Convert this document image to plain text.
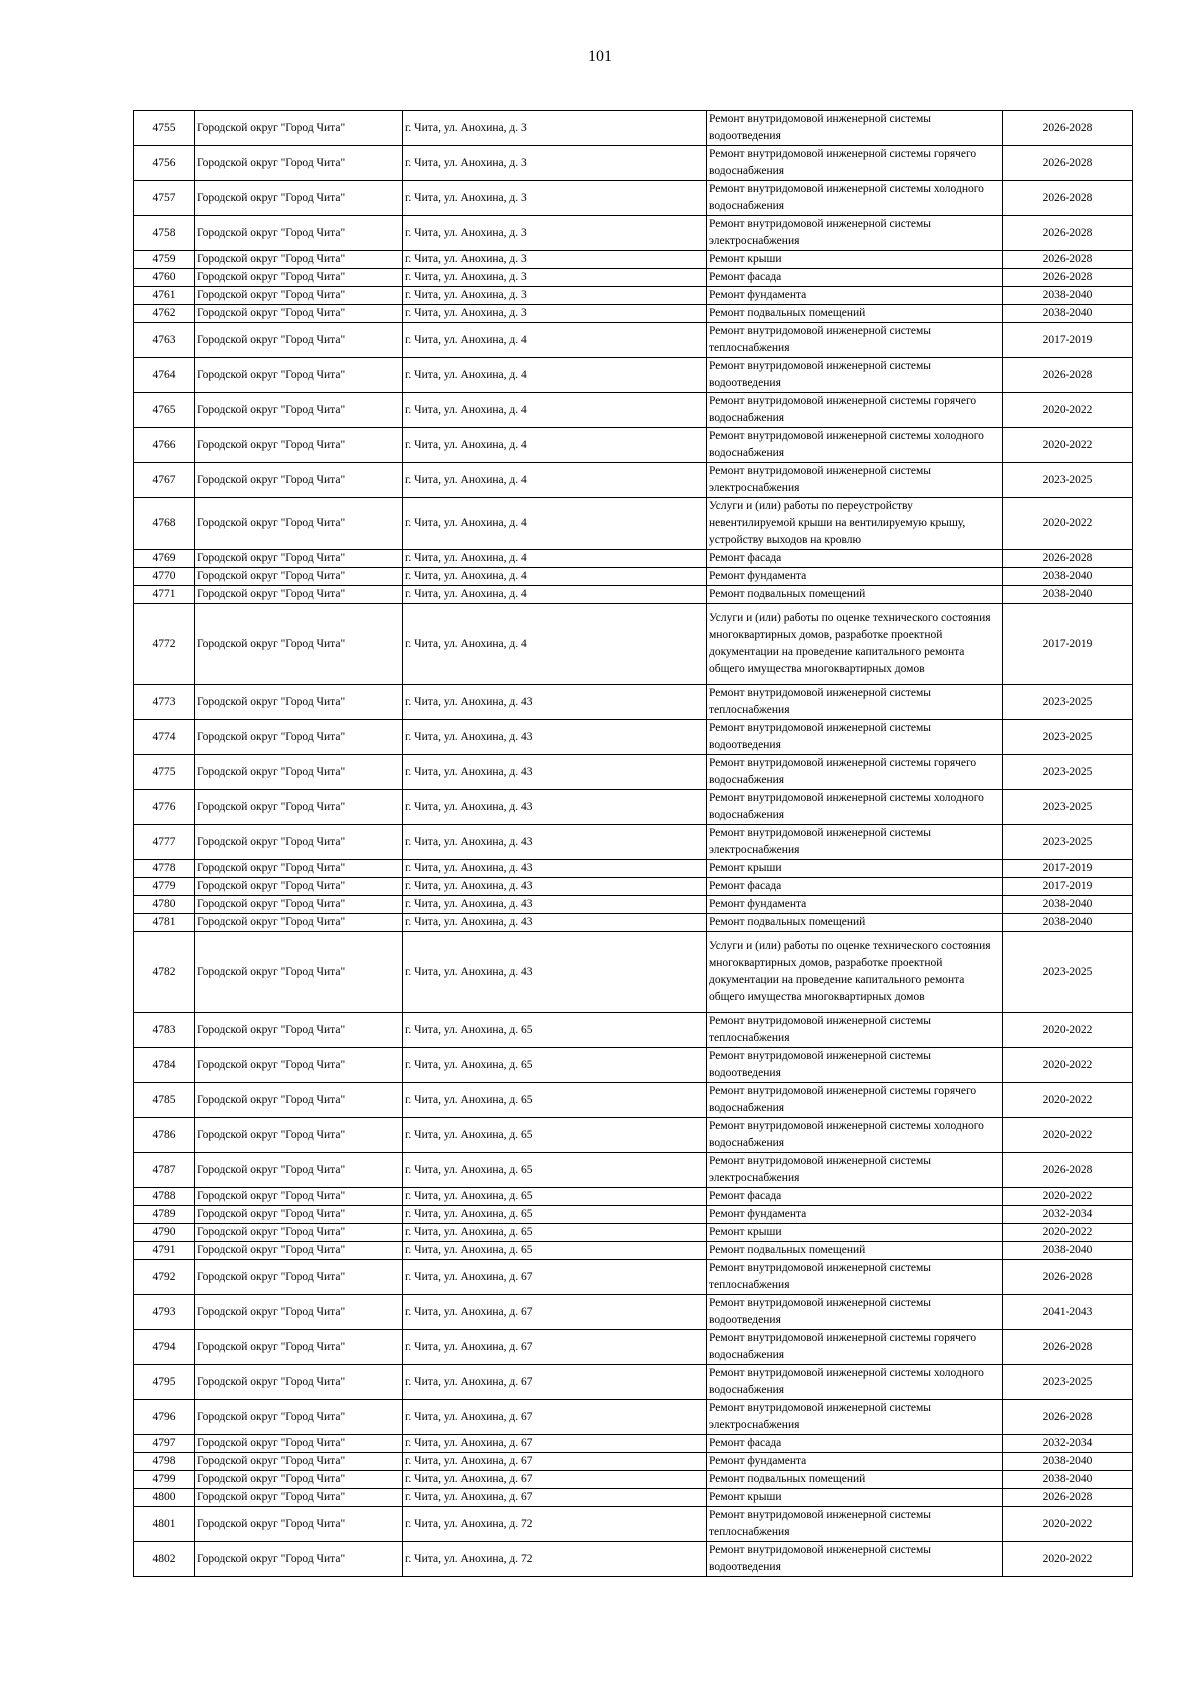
101
4755	Городской округ "Город Чита"	г. Чита, ул. Анохина, д. 3	Ремонт внутридомовой инженерной системы водоотведения	2026-2028
4756	Городской округ "Город Чита"	г. Чита, ул. Анохина, д. 3	Ремонт внутридомовой инженерной системы горячего водоснабжения	2026-2028
4757	Городской округ "Город Чита"	г. Чита, ул. Анохина, д. 3	Ремонт внутридомовой инженерной системы холодного водоснабжения	2026-2028
4758	Городской округ "Город Чита"	г. Чита, ул. Анохина, д. 3	Ремонт внутридомовой инженерной системы электроснабжения	2026-2028
4759	Городской округ "Город Чита"	г. Чита, ул. Анохина, д. 3	Ремонт крыши	2026-2028
4760	Городской округ "Город Чита"	г. Чита, ул. Анохина, д. 3	Ремонт фасада	2026-2028
4761	Городской округ "Город Чита"	г. Чита, ул. Анохина, д. 3	Ремонт фундамента	2038-2040
4762	Городской округ "Город Чита"	г. Чита, ул. Анохина, д. 3	Ремонт подвальных помещений	2038-2040
4763	Городской округ "Город Чита"	г. Чита, ул. Анохина, д. 4	Ремонт внутридомовой инженерной системы теплоснабжения	2017-2019
4764	Городской округ "Город Чита"	г. Чита, ул. Анохина, д. 4	Ремонт внутридомовой инженерной системы водоотведения	2026-2028
4765	Городской округ "Город Чита"	г. Чита, ул. Анохина, д. 4	Ремонт внутридомовой инженерной системы горячего водоснабжения	2020-2022
4766	Городской округ "Город Чита"	г. Чита, ул. Анохина, д. 4	Ремонт внутридомовой инженерной системы холодного водоснабжения	2020-2022
4767	Городской округ "Город Чита"	г. Чита, ул. Анохина, д. 4	Ремонт внутридомовой инженерной системы электроснабжения	2023-2025
4768	Городской округ "Город Чита"	г. Чита, ул. Анохина, д. 4	Услуги и (или) работы по переустройству невентилируемой крыши на вентилируемую крышу, устройству выходов на кровлю	2020-2022
4769	Городской округ "Город Чита"	г. Чита, ул. Анохина, д. 4	Ремонт фасада	2026-2028
4770	Городской округ "Город Чита"	г. Чита, ул. Анохина, д. 4	Ремонт фундамента	2038-2040
4771	Городской округ "Город Чита"	г. Чита, ул. Анохина, д. 4	Ремонт подвальных помещений	2038-2040
4772	Городской округ "Город Чита"	г. Чита, ул. Анохина, д. 4	Услуги и (или) работы по оценке технического состояния многоквартирных домов, разработке проектной документации на проведение капитального ремонта общего имущества многоквартирных домов	2017-2019
4773	Городской округ "Город Чита"	г. Чита, ул. Анохина, д. 43	Ремонт внутридомовой инженерной системы теплоснабжения	2023-2025
4774	Городской округ "Город Чита"	г. Чита, ул. Анохина, д. 43	Ремонт внутридомовой инженерной системы водоотведения	2023-2025
4775	Городской округ "Город Чита"	г. Чита, ул. Анохина, д. 43	Ремонт внутридомовой инженерной системы горячего водоснабжения	2023-2025
4776	Городской округ "Город Чита"	г. Чита, ул. Анохина, д. 43	Ремонт внутридомовой инженерной системы холодного водоснабжения	2023-2025
4777	Городской округ "Город Чита"	г. Чита, ул. Анохина, д. 43	Ремонт внутридомовой инженерной системы электроснабжения	2023-2025
4778	Городской округ "Город Чита"	г. Чита, ул. Анохина, д. 43	Ремонт крыши	2017-2019
4779	Городской округ "Город Чита"	г. Чита, ул. Анохина, д. 43	Ремонт фасада	2017-2019
4780	Городской округ "Город Чита"	г. Чита, ул. Анохина, д. 43	Ремонт фундамента	2038-2040
4781	Городской округ "Город Чита"	г. Чита, ул. Анохина, д. 43	Ремонт подвальных помещений	2038-2040
4782	Городской округ "Город Чита"	г. Чита, ул. Анохина, д. 43	Услуги и (или) работы по оценке технического состояния многоквартирных домов, разработке проектной документации на проведение капитального ремонта общего имущества многоквартирных домов	2023-2025
4783	Городской округ "Город Чита"	г. Чита, ул. Анохина, д. 65	Ремонт внутридомовой инженерной системы теплоснабжения	2020-2022
4784	Городской округ "Город Чита"	г. Чита, ул. Анохина, д. 65	Ремонт внутридомовой инженерной системы водоотведения	2020-2022
4785	Городской округ "Город Чита"	г. Чита, ул. Анохина, д. 65	Ремонт внутридомовой инженерной системы горячего водоснабжения	2020-2022
4786	Городской округ "Город Чита"	г. Чита, ул. Анохина, д. 65	Ремонт внутридомовой инженерной системы холодного водоснабжения	2020-2022
4787	Городской округ "Город Чита"	г. Чита, ул. Анохина, д. 65	Ремонт внутридомовой инженерной системы электроснабжения	2026-2028
4788	Городской округ "Город Чита"	г. Чита, ул. Анохина, д. 65	Ремонт фасада	2020-2022
4789	Городской округ "Город Чита"	г. Чита, ул. Анохина, д. 65	Ремонт фундамента	2032-2034
4790	Городской округ "Город Чита"	г. Чита, ул. Анохина, д. 65	Ремонт крыши	2020-2022
4791	Городской округ "Город Чита"	г. Чита, ул. Анохина, д. 65	Ремонт подвальных помещений	2038-2040
4792	Городской округ "Город Чита"	г. Чита, ул. Анохина, д. 67	Ремонт внутридомовой инженерной системы теплоснабжения	2026-2028
4793	Городской округ "Город Чита"	г. Чита, ул. Анохина, д. 67	Ремонт внутридомовой инженерной системы водоотведения	2041-2043
4794	Городской округ "Город Чита"	г. Чита, ул. Анохина, д. 67	Ремонт внутридомовой инженерной системы горячего водоснабжения	2026-2028
4795	Городской округ "Город Чита"	г. Чита, ул. Анохина, д. 67	Ремонт внутридомовой инженерной системы холодного водоснабжения	2023-2025
4796	Городской округ "Город Чита"	г. Чита, ул. Анохина, д. 67	Ремонт внутридомовой инженерной системы электроснабжения	2026-2028
4797	Городской округ "Город Чита"	г. Чита, ул. Анохина, д. 67	Ремонт фасада	2032-2034
4798	Городской округ "Город Чита"	г. Чита, ул. Анохина, д. 67	Ремонт фундамента	2038-2040
4799	Городской округ "Город Чита"	г. Чита, ул. Анохина, д. 67	Ремонт подвальных помещений	2038-2040
4800	Городской округ "Город Чита"	г. Чита, ул. Анохина, д. 67	Ремонт крыши	2026-2028
4801	Городской округ "Город Чита"	г. Чита, ул. Анохина, д. 72	Ремонт внутридомовой инженерной системы теплоснабжения	2020-2022
4802	Городской округ "Город Чита"	г. Чита, ул. Анохина, д. 72	Ремонт внутридомовой инженерной системы водоотведения	2020-2022
